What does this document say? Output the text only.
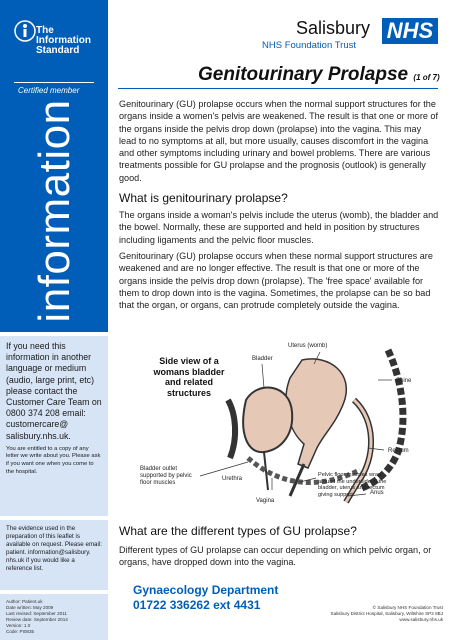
The
Information
Standard
Certified member
information
If you need this information in another language or medium (audio, large print, etc) please contact the Customer Care Team on 0800 374 208 email: customercare@ salisbury.nhs.uk.
You are entitled to a copy of any letter we write about you. Please ask if you want one when you come to the hospital.
The evidence used in the preparation of this leaflet is available on request. Please email: patient. information@salisbury. nhs.uk if you would like a reference list.
Author: Patient.uk
Date written: May 2009
Last revised: September 2011
Review date: September 2014
Version: 1.0
Code: PI0835
Salisbury
NHS Foundation Trust
NHS
Genitourinary Prolapse (1 of 7)
Genitourinary (GU) prolapse occurs when the normal support structures for the organs inside a women's pelvis are weakened. The result is that one or more of the organs inside the pelvis drop down (prolapse) into the vagina. This may lead to no symptoms at all, but more usually, causes discomfort in the vagina and other symptoms including urinary and bowel problems. There are various treatments possible for GU prolapse and the prognosis (outlook) is generally good.
What is genitourinary prolapse?
The organs inside a woman's pelvis include the uterus (womb), the bladder and the bowel. Normally, these are supported and held in position by structures including ligaments and the pelvic floor muscles.
Genitourinary (GU) prolapse occurs when these normal support structures are weakened and are no longer effective. The result is that one or more of the organs inside the pelvis drop down (prolapse). The 'free space' available for them to drop down into is the vagina. Sometimes, the prolapse can be so bad that the organ, or organs, can protrude completely outside the vagina.
Side view of a womans bladder and related structures
Bladder
Uterus (womb)
Spine
Rectum
Anus
Bladder outlet supported by pelvic floor muscles
Urethra
Vagina
Pelvic floor muscles wrap around the underside of the bladder, uterus and rectum giving support
What are the different types of GU prolapse?
Different types of GU prolapse can occur depending on which pelvic organ, or organs, have dropped down into the vagina.
Gynaecology Department
01722 336262 ext 4431	© Salisbury NHS Foundation Trust
Salisbury District Hospital, Salisbury, Wiltshire SP2 8BJ
www.salisbury.nhs.uk
